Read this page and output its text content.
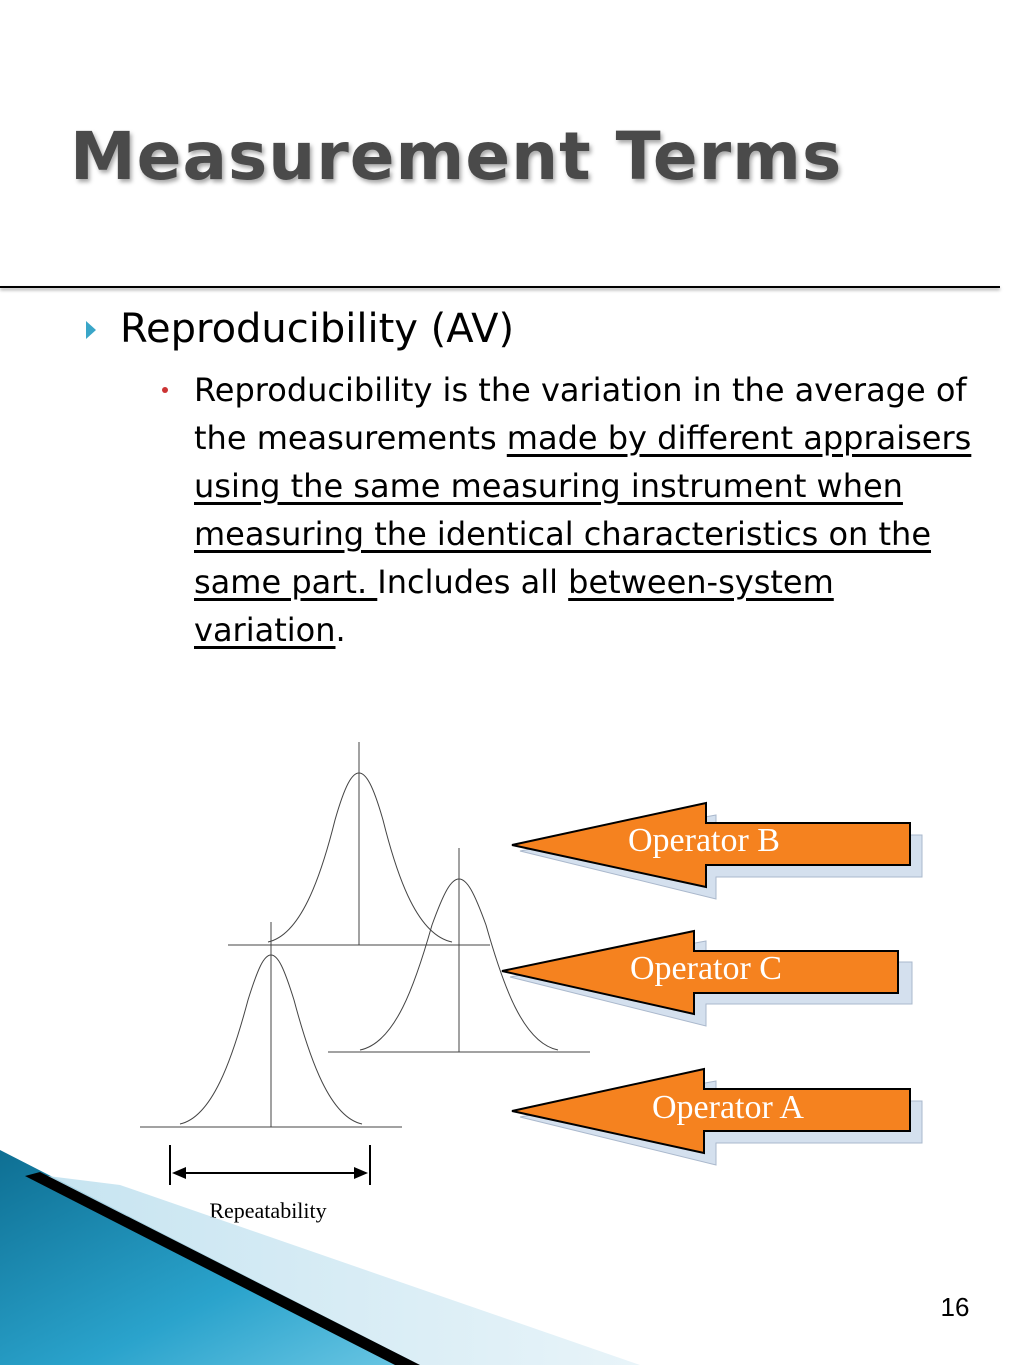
Measurement Terms
Reproducibility (AV)
Reproducibility is the variation in the average of the measurements made by different appraisers using the same measuring instrument when measuring the identical characteristics on the same part. Includes all between-system variation.
Repeatability
Operator B
Operator C
Operator A
16
